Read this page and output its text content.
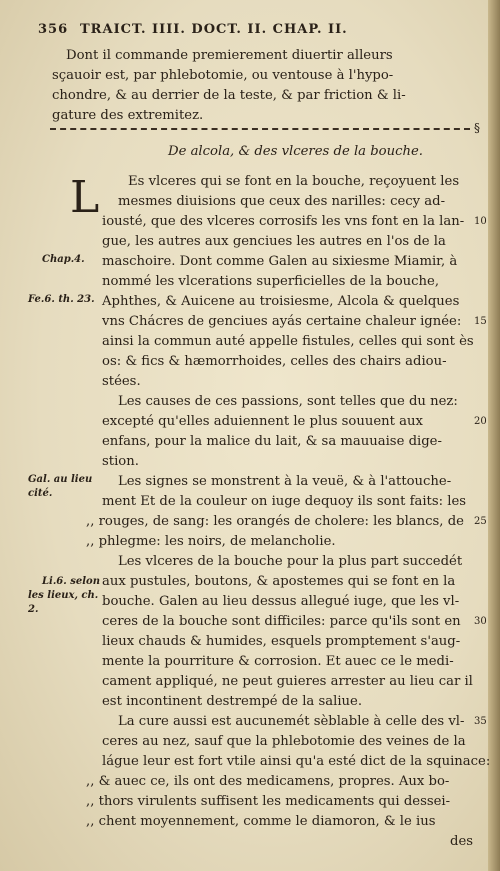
356 TRAICT. IIII. DOCT. II. CHAP. II.
Dont il commande premierement diuertir alleurs
sçauoir est, par phlebotomie, ou ventouse à l'hypo-
chondre, & au derrier de la teste, & par friction & li-
gature des extremitez.
§
De alcola, & des vlceres de la bouche.
L Es vlceres qui se font en la bouche, reçoyuent les
mesmes diuisions que ceux des narilles: cecy ad-
iousté, que des vlceres corrosifs les vns font en la lan-
gue, les autres aux genciues les autres en l'os de la
maschoire. Dont comme Galen au sixiesme Miamir, à
nommé les vlcerations superficielles de la bouche,
Aphthes, & Auicene au troisiesme, Alcola & quelques
vns Chácres de genciues ayás certaine chaleur ignée:
ainsi la commun auté appelle fistules, celles qui sont ès
os: & fics & hæmorrhoides, celles des chairs adiou-
stées.
Les causes de ces passions, sont telles que du nez:
excepté qu'elles aduiennent le plus souuent aux
enfans, pour la malice du lait, & sa mauuaise dige-
stion.
Les signes se monstrent à la veuë, & à l'attouche-
ment Et de la couleur on iuge dequoy ils sont faits: les
,, rouges, de sang: les orangés de cholere: les blancs, de
,, phlegme: les noirs, de melancholie.
Les vlceres de la bouche pour la plus part succedét
aux pustules, boutons, & apostemes qui se font en la
bouche. Galen au lieu dessus allegué iuge, que les vl-
ceres de la bouche sont difficiles: parce qu'ils sont en
lieux chauds & humides, esquels promptement s'aug-
mente la pourriture & corrosion. Et auec ce le medi-
cament appliqué, ne peut guieres arrester au lieu car il
est incontinent destrempé de la saliue.
La cure aussi est aucunemét sèblable à celle des vl-
ceres au nez, sauf que la phlebotomie des veines de la
lágue leur est fort vtile ainsi qu'a esté dict de la squinace:
,, & auec ce, ils ont des medicamens, propres. Aux bo-
,, thors virulents suffisent les medicaments qui dessei-
,, chent moyennement, comme le diamoron, & le ius
des
Chap.4.
Fe.6. th. 23.
Gal. au lieu
cité.
Li.6. selon
les lieux, ch.
2.
10
15
20
25
30
35
